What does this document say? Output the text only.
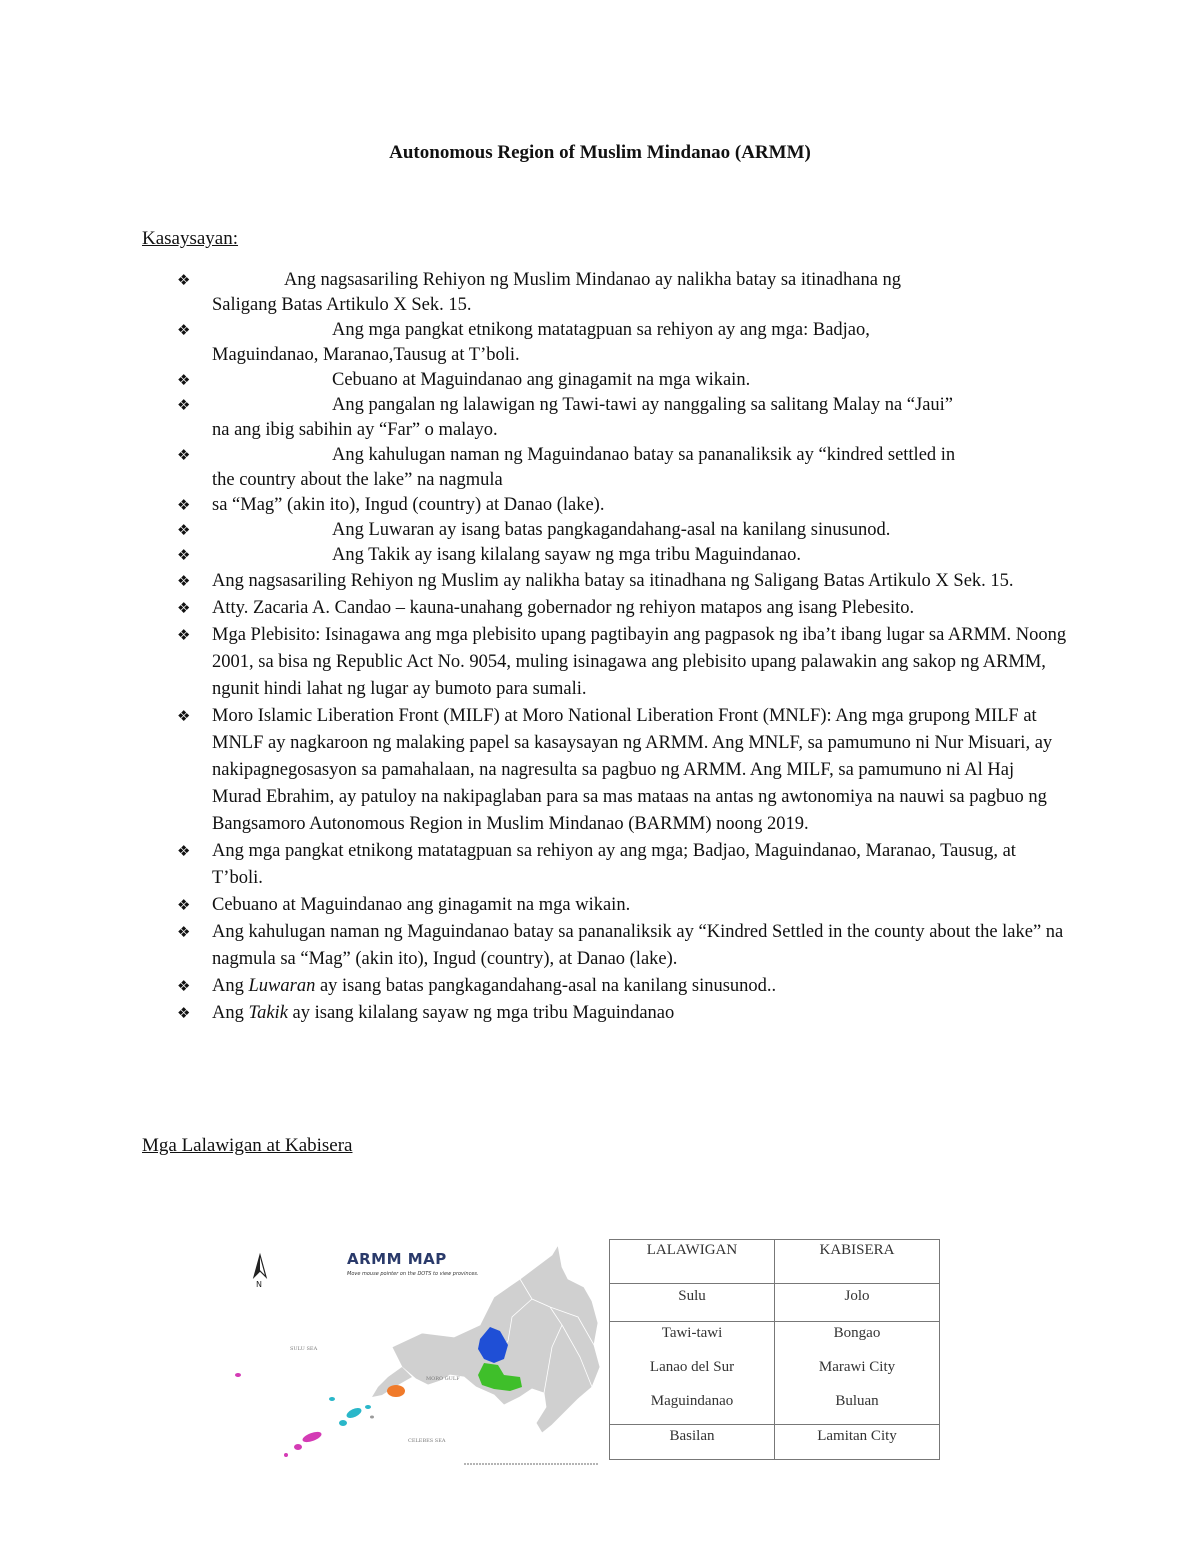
Autonomous Region of Muslim Mindanao (ARMM)
Kasaysayan:
❖	Ang nagsasariling Rehiyon ng Muslim Mindanao ay nalikha batay sa itinadhana ng
Saligang Batas Artikulo X Sek. 15.
❖	Ang mga pangkat etnikong matatagpuan sa rehiyon ay ang mga: Badjao,
Maguindanao, Maranao,Tausug at T’boli.
❖	Cebuano at Maguindanao ang ginagamit na mga wikain.
❖	Ang pangalan ng lalawigan ng Tawi-tawi ay nanggaling sa salitang Malay na “Jaui”
na ang ibig sabihin ay “Far” o malayo.
❖	Ang kahulugan naman ng Maguindanao batay sa pananaliksik ay “kindred settled in
the country about the lake” na nagmula
❖ sa “Mag” (akin ito), Ingud (country) at Danao (lake).
❖	Ang Luwaran ay isang batas pangkagandahang-asal na kanilang sinusunod.
❖	Ang Takik ay isang kilalang sayaw ng mga tribu Maguindanao.
❖ Ang nagsasariling Rehiyon ng Muslim ay nalikha batay sa itinadhana ng Saligang Batas Artikulo X Sek. 15.
❖ Atty. Zacaria A. Candao – kauna-unahang gobernador ng rehiyon matapos ang isang Plebesito.
❖ Mga Plebisito: Isinagawa ang mga plebisito upang pagtibayin ang pagpasok ng iba’t ibang lugar sa ARMM. Noong 2001, sa bisa ng Republic Act No. 9054, muling isinagawa ang plebisito upang palawakin ang sakop ng ARMM, ngunit hindi lahat ng lugar ay bumoto para sumali.
❖ Moro Islamic Liberation Front (MILF) at Moro National Liberation Front (MNLF): Ang mga grupong MILF at MNLF ay nagkaroon ng malaking papel sa kasaysayan ng ARMM. Ang MNLF, sa pamumuno ni Nur Misuari, ay nakipagnegosasyon sa pamahalaan, na nagresulta sa pagbuo ng ARMM. Ang MILF, sa pamumuno ni Al Haj Murad Ebrahim, ay patuloy na nakipaglaban para sa mas mataas na antas ng awtonomiya na nauwi sa pagbuo ng Bangsamoro Autonomous Region in Muslim Mindanao (BARMM) noong 2019.
❖ Ang mga pangkat etnikong matatagpuan sa rehiyon ay ang mga; Badjao, Maguindanao, Maranao, Tausug, at T’boli.
❖ Cebuano at Maguindanao ang ginagamit na mga wikain.
❖ Ang kahulugan naman ng Maguindanao batay sa pananaliksik ay “Kindred Settled in the county about the lake” na nagmula sa “Mag” (akin ito), Ingud (country), at Danao (lake).
❖ Ang Luwaran ay isang batas pangkagandahang-asal na kanilang sinusunod..
❖ Ang Takik ay isang kilalang sayaw ng mga tribu Maguindanao
Mga Lalawigan at Kabisera
N
SULU SEA
MORO GULF
CELEBES SEA
ARMM MAP
Move mouse pointer on the DOTS to view provinces.
LALAWIGAN	KABISERA
Sulu	Jolo
Tawi-tawi	Bongao
Lanao del Sur	Marawi City
Maguindanao	Buluan
Basilan	Lamitan City
